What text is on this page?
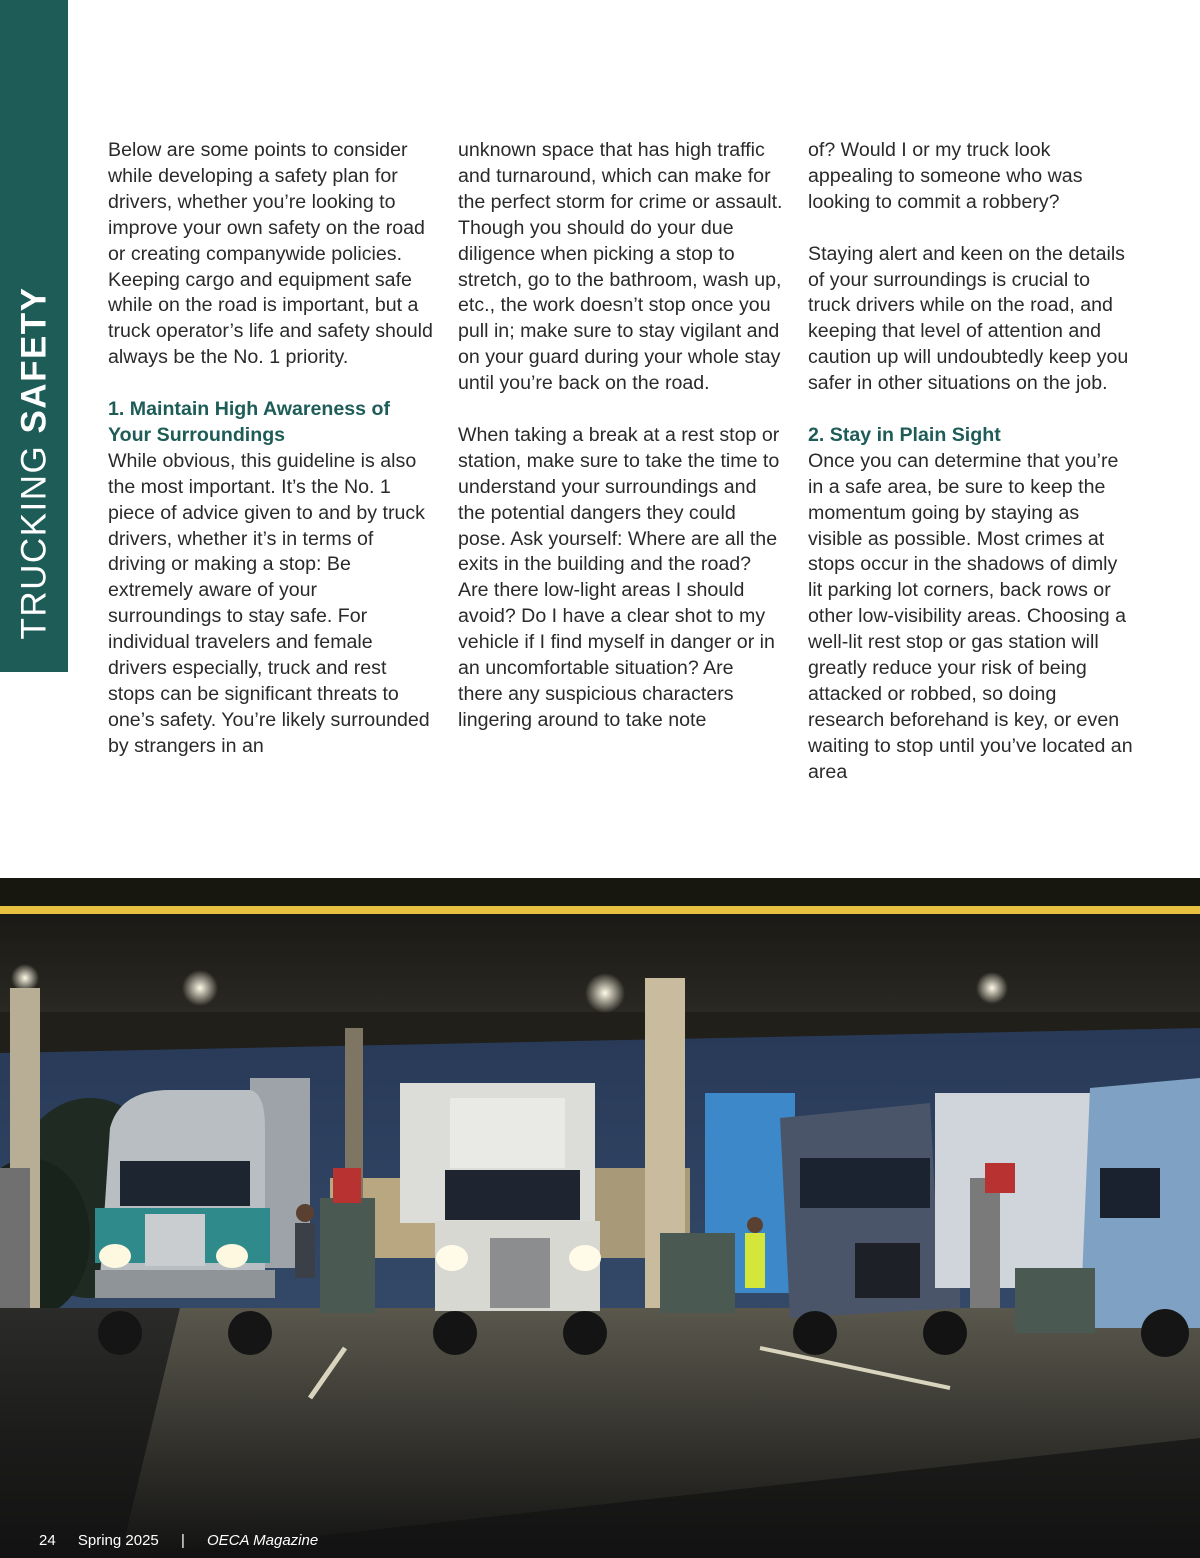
TRUCKING SAFETY

Below are some points to consider while developing a safety plan for drivers, whether you’re looking to improve your own safety on the road or creating companywide policies. Keeping cargo and equipment safe while on the road is important, but a truck operator’s life and safety should always be the No. 1 priority.

1. Maintain High Awareness of Your Surroundings

While obvious, this guideline is also the most important. It’s the No. 1 piece of advice given to and by truck drivers, whether it’s in terms of driving or making a stop: Be extremely aware of your surroundings to stay safe. For individual travelers and female drivers especially, truck and rest stops can be significant threats to one’s safety. You’re likely surrounded by strangers in an

unknown space that has high traffic and turnaround, which can make for the perfect storm for crime or assault. Though you should do your due diligence when picking a stop to stretch, go to the bathroom, wash up, etc., the work doesn’t stop once you pull in; make sure to stay vigilant and on your guard during your whole stay until you’re back on the road.

When taking a break at a rest stop or station, make sure to take the time to understand your surroundings and the potential dangers they could pose. Ask yourself: Where are all the exits in the building and the road? Are there low-light areas I should avoid? Do I have a clear shot to my vehicle if I find myself in danger or in an uncomfortable situation? Are there any suspicious characters lingering around to take note

of? Would I or my truck look appealing to someone who was looking to commit a robbery?

Staying alert and keen on the details of your surroundings is crucial to truck drivers while on the road, and keeping that level of attention and caution up will undoubtedly keep you safer in other situations on the job.

2. Stay in Plain Sight

Once you can determine that you’re in a safe area, be sure to keep the momentum going by staying as visible as possible. Most crimes at stops occur in the shadows of dimly lit parking lot corners, back rows or other low-visibility areas. Choosing a well-lit rest stop or gas station will greatly reduce your risk of being attacked or robbed, so doing research beforehand is key, or even waiting to stop until you’ve located an area

24 Spring 2025 | OECA Magazine
